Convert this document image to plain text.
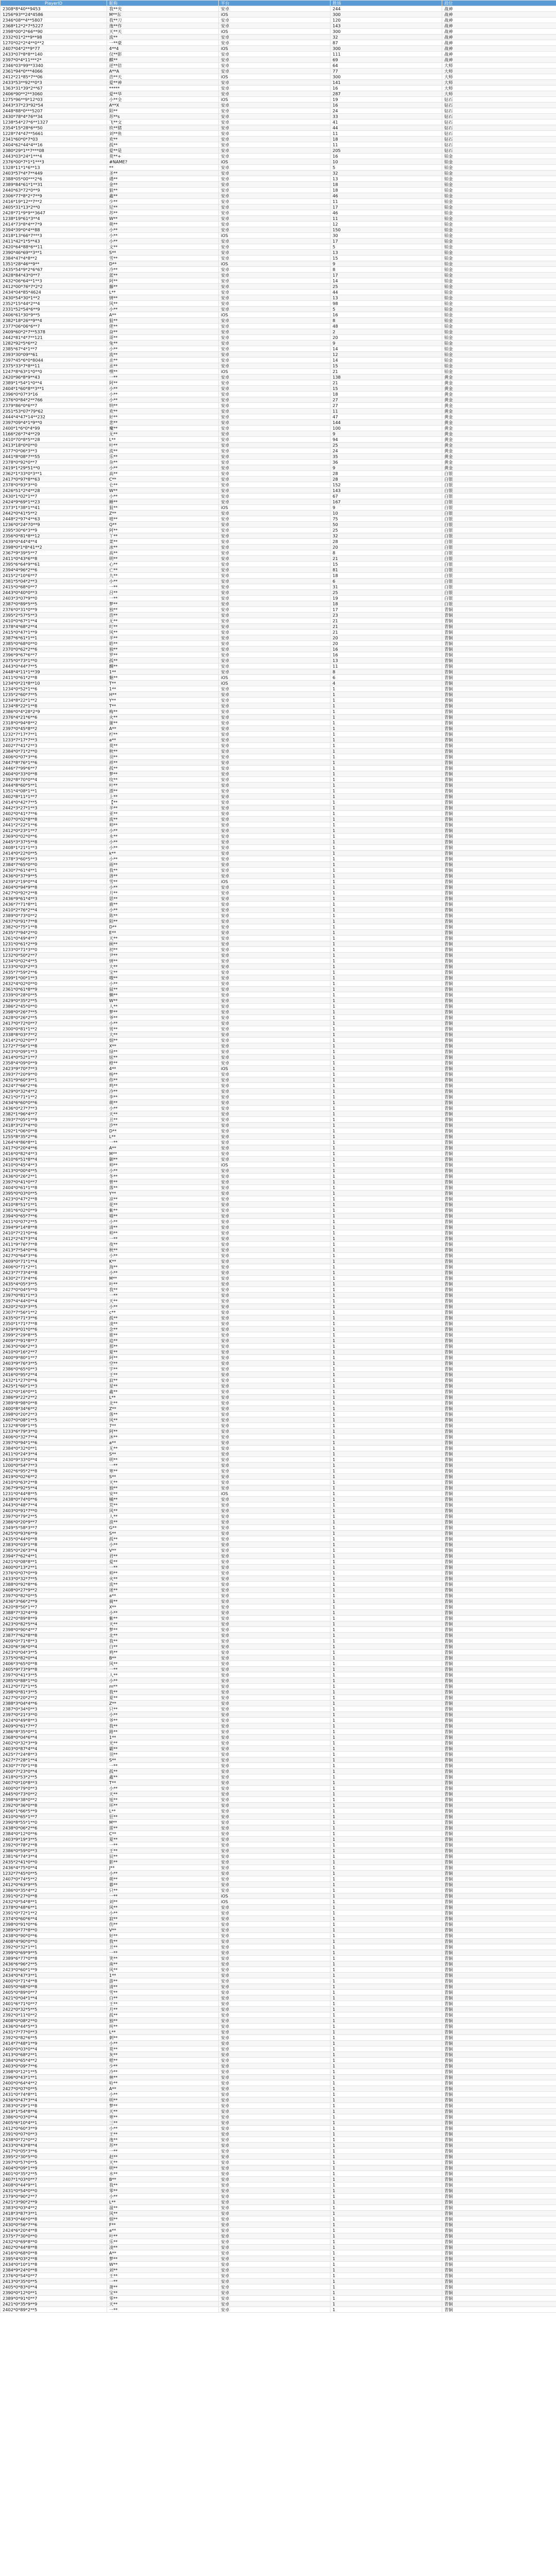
PlayerID	昵称	平台	胜场	段位	
2308*8*40**9453	我**光	安卓	244	战神	
1256*93**24*4586	M**东	iOS	300	战神	
2346*08**4**5807	我**刀	安卓	120	战神	
2368*12*2*7*5227	逸**作	安卓	143	战神	
2398*00*2*66**90	天**天	iOS	300	战神	
2332*01*2**9**98	流**	安卓	32	战神	
1270*02*2*4**0**2	一**豪	安卓	87	战神	
2407*04*2**9*77	4**4	iOS	300	战神	
2433*07*8*8**140	仅**影	安卓	111	战神	
2397*0*4*11***2*	麒**	安卓	69	战神	
2346*03*99**3340	逆**倍	安卓	64	大师	
2361*94*0***4066	A**A	安卓	77	大师	
2412*21*85*7**06	浩**天	iOS	300	大师	
2433*53**92**0*3	爱**神	安卓	141	大师	
1363*31*39*2**67	*****	安卓	16	大师	
2406*90**2**3060	爱**华	安卓	287	大师	
1275*96**9*12*03	小**全	iOS	19	钻石	
2443*37*23*92*54	A**X	安卓	16	钻石	
2448*88*0***5207	陌**	安卓	24	钻石	
2430*78*4*76**34	苏**s	安卓	33	钻石	
1238*54*27*6**1327	飞**文	安卓	41	钻石	
2354*15*28*6**50	玖**猪	安卓	44	钻石	
1228*74*47**5661	刘**鱼	安卓	11	钻石	
2341*60*0*7*03	欢**	安卓	18	钻石	
2404*62*44*4**16	孤**	安卓	11	钻石	
2380*29*1**7***08	爱**是	安卓	205	钻石	
2443*03*24*1***4	莫**+	安卓	16	铂金	
2376*00*7*1*1***3	#NAME?	iOS	10	铂金	
1328*11*1*6**13	**	安卓	5	铂金	
2403*57*4*7**449	圣**	安卓	32	铂金	
2388*05*00***2*6	遇**	安卓	13	铂金	
2389*84*61*1**31	金**	安卓	18	铂金	
2440*63*72*0**9	狼**	安卓	18	铂金	
2306*77*8*2*7**9	鑫**	安卓	46	铂金	
2416*19*12**7**2	少**	安卓	11	铂金	
2405*31*13*2**0	尼**	安卓	17	铂金	
2428*71*9*9**3647	苏**	安卓	46	铂金	
1238*19*61*3**4	W**	安卓	11	铂金	
2414*73*8*4**7*9	萌**	安卓	12	铂金	
2394*39*0*4**88	小**	安卓	150	铂金	
2418*13*66*7***3	小**	iOS	30	铂金	
2411*42*1*5**43	小**	安卓	17	铂金	
2420*64*88*6**11	文**	安卓	5	铂金	
2390*46*69**3**1	S**	安卓	13	铂金	
2384*47*4*8**2	雪**	安卓	15	铂金	
1351*28*46**9**	D**	iOS	9	铂金	
2435*54*9*2*6*67	冷**	安卓	8	铂金	
2428*84*43*0**7	蓝**	安卓	17	铂金	
2432*06*64**1**3	阿**	安卓	14	铂金	
2412*00*76*7*2*2	藤**	安卓	25	铂金	
2434*04*85*4624	L**	安卓	44	铂金	
2430*54*30*1**2	情**	安卓	13	铂金	
2352*15*44*2**4	风**	安卓	98	铂金	
2331*52*54*6**9	小**	安卓	5	铂金	
2406*61*30*9**5	A**	iOS	16	铂金	
2382*18*26**9**4	狙**	安卓	8	铂金	
2377*06*06*6**7	佬**	安卓	48	铂金	
2409*60*2*7**5378	奋**	安卓	2	铂金	
2442*81*4*7**121	哥**	安卓	20	铂金	
1282*92*5*6**2	兔**	安卓	9	铂金	
2385*67*4*1**7	小**	安卓	14	铂金	
2393*30*09**61	流**	安卓	12	铂金	
2397*45*6*0*8044	丞**	安卓	14	铂金	
2375*33*7*8**11	丞**	安卓	15	铂金	
1247*8*63*1*0**0	嘿**	iOS	21	铂金	
2420*96*8*9**43	一**	安卓	138	黄金	
2389*1*54*1*0**4	阿**	安卓	21	黄金	
2404*1*60*8**3**1	小**	安卓	15	黄金	
2396*0*07*3*16	小**	安卓	18	黄金	
2376*0*84*2**766	小**	安卓	27	黄金	
2379*86*0*6**7	纳**	安卓	27	黄金	
2351*53*07*79*62	欢**	安卓	11	黄金	
2444*4*47*14**232	好**	安卓	47	黄金	
2397*09*4*1*9**0	悲**	安卓	144	黄金	
2400*1*6*0*4*99	魔**	安卓	100	黄金	
1166*26*7*4**29	无**	安卓	9	黄金	
2410*70*8*5**28	L**	安卓	94	黄金	
2413*18*0*0**0	叶**	安卓	25	黄金	
2377*0*06*3**3	流**	安卓	24	黄金	
2441*8*08*7**55	乐**	安卓	35	黄金	
2378*0*92*0**7	杂**	安卓	36	黄金	
2419*1*29*51**0	小**	安卓	9	黄金	
2362*1*33*0*3**1	高**	安卓	28	白银	
2417*0*97*8**63	C**	安卓	28	白银	
2378*0*93*3**0	仑**	安卓	152	白银	
2426*51*2*4**28	W**	安卓	143	白银	
2430*1*02*1**7	小**	安卓	67	白银	
2424*9*69*1**23	睡**	安卓	167	白银	
2373*1*38*1**41	狙**	iOS	9	白银	
2442*0*41*5**2	Z**	安卓	10	白银	
2448*2*97*4**63	嘻**	安卓	75	白银	
1236*0*24*70**9	Q**	安卓	50	白银	
2395*30*6*3**9	阿**	安卓	25	白银	
2356*0*81*8**12	丫**	安卓	32	白银	
2439*0*44*4**4	菜**	安卓	28	白银	
2398*0*1*8*41**2	冰**	安卓	20	白银	
2367*9*39*5**7	高**	安卓	8	白银	
2411*0*43*6**8	明**	安卓	21	白银	
2395*6*64*9**61	心**	安卓	15	白银	
2394*4*96*2**6	亡**	安卓	81	白银	
2415*2*10*6**7	九**	安卓	18	白银	
2381*5*04*2**3	小**	安卓	6	白银	
2415*0*68*0**7	一**	安卓	31	白银	
2443*0*40*0**3	吕**	安卓	25	白银	
2403*3*07*9**0	一**	安卓	19	白银	
2387*0*89*5**5	梦**	安卓	18	白银	
2376*0*31*0**9	独**	安卓	17	青铜	
2395*2*57*5**3	浩**	安卓	23	青铜	
2410*0*67*1**4	无**	安卓	21	青铜	
2378*4*68*2**4	叮**	安卓	21	青铜	
2415*0*47*1**9	风**	安卓	21	青铜	
2387*6*61*1**1	半**	安卓	20	青铜	
2385*0*68*0**0	皓**	安卓	20	青铜	
2370*0*62*2**6	独**	安卓	16	青铜	
2396*9*67*6**7	罗**	安卓	16	青铜	
2375*0*73*1**0	孤**	安卓	13	青铜	
2443*0*44*7**5	麟**	安卓	11	青铜	
2448*4*11*1**39	1**	安卓	8	青铜	
2411*0*61*2**8	魅**	iOS	6	青铜	
1234*0*21*8**10	T**	iOS	4	青铜	
1234*0*52*1**6	1**	安卓	1	青铜	
1235*2*60*7**5	H**	安卓	1	青铜	
1234*8*22*1**2	Y**	安卓	1	青铜	
1234*8*22*1**8	T**	安卓	1	青铜	
2386*0*4*28*2*9	梅**	安卓	1	青铜	
2376*4*21*6**6	火**	安卓	1	青铜	
2318*0*94*8**2	谢**	安卓	1	青铜	
2397*0*45*8**2	A**	安卓	1	青铜	
1232*7*17*7**1	柠**	安卓	1	青铜	
1233*7*17*7**3	a**	安卓	1	青铜	
2402*7*41*2**3	莫**	安卓	1	青铜	
2384*0*71*2**0	秋**	安卓	1	青铜	
2406*0*07*3**6	羽**	安卓	1	青铜	
2447*8*76*1**6	祥**	安卓	1	青铜	
2446*7*99*6**7	孤**	安卓	1	青铜	
2404*0*33*0**8	梦**	安卓	1	青铜	
2392*8*70*0**4	玫**	安卓	1	青铜	
2444*8*60*5**1	叶**	安卓	1	青铜	
1351*4*08*1**1	漂**	安卓	1	青铜	
2402*8*11*1**7	上**	安卓	1	青铜	
2414*0*42*7**5	【**	安卓	1	青铜	
2442*3*27*1**3	半**	安卓	1	青铜	
2402*0*41*7**6	亚**	安卓	1	青铜	
2407*0*02*8**8	流**	安卓	1	青铜	
2441*2*22*1**6	帅**	安卓	1	青铜	
2412*0*23*1**7	小**	安卓	1	青铜	
2369*0*02*0**6	永**	安卓	1	青铜	
2445*3*37*5**8	小**	安卓	1	青铜	
2408*1*21*1**3	小**	安卓	1	青铜	
2414*0*22*0**5	k**	安卓	1	青铜	
2378*3*60*5**3	小**	安卓	1	青铜	
2384*7*65*0**0	雨**	安卓	1	青铜	
2430*7*61*4**1	我**	安卓	1	青铜	
2436*0*37*9**5	洛**	安卓	1	青铜	
2439*2*19*0**4	雪**	iOS	1	青铜	
2404*0*94*9**8	小**	安卓	1	青铜	
2427*0*92*2**8	月**	安卓	1	青铜	
2436*9*61*4**3	思**	安卓	1	青铜	
2436*7*71*8**1	鹿**	安卓	1	青铜	
2410*2*76*2**4	小**	安卓	1	青铜	
2389*0*73*0**2	陈**	安卓	1	青铜	
2437*0*91*7**8	陌**	安卓	1	青铜	
2382*0*75*1**8	D**	安卓	1	青铜	
2435*7*94*2**0	E**	安卓	1	青铜	
1261*0*49*4**7	天**	安卓	1	青铜	
1231*0*61*2**9	顾**	安卓	1	青铜	
1233*0*71*3**0	初**	安卓	1	青铜	
1232*0*50*2**7	尹**	安卓	1	青铜	
1234*0*02*4**5	情**	安卓	1	青铜	
1233*0*03*2**3	大**	安卓	1	青铜	
2435*7*59*2**6	宝**	安卓	1	青铜	
2399*1*00*1**3	哦**	安卓	1	青铜	
2432*4*02*0**0	小**	安卓	1	青铜	
2361*0*61*8**9	鼠**	安卓	1	青铜	
2339*0*28*0**5	懒**	安卓	1	青铜	
2429*0*35*2**5	W**	安卓	1	青铜	
2386*2*45*0**0	人**	安卓	1	青铜	
2398*0*26*7**5	梦**	安卓	1	青铜	
2428*0*26*2**5	爷**	安卓	1	青铜	
2417*0*72*0**7	小**	安卓	1	青铜	
2300*0*81*1**2	男**	安卓	1	青铜	
2338*8*03*7**2	大**	安卓	1	青铜	
2414*2*02*0**7	烟**	安卓	1	青铜	
1272*7*56*1**8	X**	安卓	1	青铜	
2423*0*09*1**3	绿**	安卓	1	青铜	
2414*0*52*1**7	炫**	安卓	1	青铜	
2358*4*09*0**9	橙**	安卓	1	青铜	
2423*9*70*7**3	4**	iOS	1	青铜	
2393*7*20*9**0	杨**	安卓	1	青铜	
2431*9*60*3**1	你**	安卓	1	青铜	
2424*7*66*2**6	鸣**	安卓	1	青铜	
2429*0*32*4**2	冷**	安卓	1	青铜	
2421*0*71*1**2	李**	安卓	1	青铜	
2434*6*60*0**6	萌**	安卓	1	青铜	
2436*0*27*7**3	小**	安卓	1	青铜	
2382*1*96*4**7	天**	安卓	1	青铜	
2393*7*05*1**9	丑**	安卓	1	青铜	
2418*3*27*4**0	汐**	安卓	1	青铜	
1292*1*06*0**8	D**	安卓	1	青铜	
1255*8*35*2**6	L**	安卓	1	青铜	
1264*4*86*8**1	一**	安卓	1	青铜	
2417*0*20*4**6	A**	安卓	1	青铜	
2416*0*82*4**3	M**	安卓	1	青铜	
2410*6*51*8**4	御**	安卓	1	青铜	
2410*0*45*4**3	帅**	iOS	1	青铜	
2413*0*00*4**5	小**	安卓	1	青铜	
2436*0*26*2**1	冬**	安卓	1	青铜	
2397*0*41*0**7	曾**	安卓	1	青铜	
2404*0*61*1**8	落**	安卓	1	青铜	
2395*0*03*0**5	Y**	安卓	1	青铜	
2423*0*47*2**8	凉**	安卓	1	青铜	
2410*8*51*1**1	花**	安卓	1	青铜	
2381*6*02*0**9	紫**	安卓	1	青铜	
2394*0*65*7**6	喵**	安卓	1	青铜	
2411*0*07*2**5	小**	安卓	1	青铜	
2394*9*14*8**8	清**	安卓	1	青铜	
2410*7*21*0**6	帅**	安卓	1	青铜	
2412*2*47*3**4	一**	安卓	1	青铜	
2411*9*76*7**8	夜**	安卓	1	青铜	
2413*7*54*0**6	秋**	安卓	1	青铜	
2427*0*64*3**6	小**	安卓	1	青铜	
2409*0*71*1**4	K**	安卓	1	青铜	
2406*0*71*2**1	海**	安卓	1	青铜	
2423*7*73*4**8	小**	安卓	1	青铜	
2430*2*73*4**6	M**	安卓	1	青铜	
2435*4*05*3**5	叶**	安卓	1	青铜	
2427*0*04*5**0	我**	安卓	1	青铜	
2397*0*81*1**3	一**	安卓	1	青铜	
2397*4*44*0**4	天**	安卓	1	青铜	
2420*2*03*3**5	小**	安卓	1	青铜	
2307*7*56*1**2	c**	安卓	1	青铜	
2435*0*71*3**6	孤**	安卓	1	青铜	
2350*1*71*7**8	凌**	安卓	1	青铜	
2429*9*01*0**6	念**	安卓	1	青铜	
2399*2*29*8**5	谁**	安卓	1	青铜	
2409*7*91*8**7	追**	安卓	1	青铜	
2363*0*06*2**3	那**	安卓	1	青铜	
2410*0*16*2**7	夏**	安卓	1	青铜	
2400*9*80*1**7	阿**	安卓	1	青铜	
2403*9*76*3**5	空**	安卓	1	青铜	
2386*0*65*0**3	宇**	安卓	1	青铜	
2416*0*95*2**4	王**	安卓	1	青铜	
2432*1*27*0**6	寂**	安卓	1	青铜	
2425*1*60*1**3	星**	安卓	1	青铜	
2432*0*16*0**1	鑫**	安卓	1	青铜	
2386*9*22*2**2	L**	安卓	1	青铜	
2389*8*98*0**8	北**	安卓	1	青铜	
2400*8*34*6**2	Z**	安卓	1	青铜	
2398*0*20*2**3	落**	安卓	1	青铜	
2407*0*08*1**5	风**	安卓	1	青铜	
1232*8*09*1**5	7**	安卓	1	青铜	
1233*6*79*3**0	阿**	安卓	1	青铜	
2406*0*32*7**4	沐**	安卓	1	青铜	
2397*0*94*1**6	a**	安卓	1	青铜	
2384*0*32*0**1	无**	安卓	1	青铜	
2411*0*24*3**4	S**	安卓	1	青铜	
2430*9*33*0**4	明**	安卓	1	青铜	
1200*0*54*7**3	一**	安卓	1	青铜	
2402*6*95*2**8	寒**	安卓	1	青铜	
2419*0*02*6**2	S**	安卓	1	青铜	
2410*0*63*2**8	天**	安卓	1	青铜	
2367*9*92*5**4	独**	安卓	1	青铜	
1231*0*44*8**5	安**	iOS	1	青铜	
2438*0*74*0**6	橘**	安卓	1	青铜	
2443*0*48*7**4	荒**	安卓	1	青铜	
2403*0*91*7**0	风**	安卓	1	青铜	
2397*0*79*2**5	人**	安卓	1	青铜	
2386*0*20*9**7	浪**	安卓	1	青铜	
2349*5*58*3**7	G**	安卓	1	青铜	
2425*0*93*6**9	S**	安卓	1	青铜	
2435*0*44*0**8	孤**	安卓	1	青铜	
2383*0*03*1**8	小**	安卓	1	青铜	
2385*0*26*3**4	V**	安卓	1	青铜	
2394*7*62*4**1	君**	安卓	1	青铜	
2421*0*08*8**1	爱**	安卓	1	青铜	
2400*0*13*2**1	一**	安卓	1	青铜	
2376*0*07*0**9	帅**	安卓	1	青铜	
2433*0*32*7**5	火**	安卓	1	青铜	
2388*0*92*8**6	流**	安卓	1	青铜	
2408*0*27*9**2	迷**	安卓	1	青铜	
2397*0*82*0**5	a**	安卓	1	青铜	
2436*3*66*2**9	骑**	安卓	1	青铜	
2420*8*50*1**7	X**	安卓	1	青铜	
2388*7*32*4**9	小**	安卓	1	青铜	
2422*0*89*8**9	紫**	安卓	1	青铜	
2423*0*82*5**4	天**	安卓	1	青铜	
2398*0*90*4**7	梦**	安卓	1	青铜	
2387*7*62*8**8	北**	安卓	1	青铜	
2409*0*71*8**3	我**	安卓	1	青铜	
2420*6*36*0**4	白**	安卓	1	青铜	
2423*0*04*3**5	鸡**	安卓	1	青铜	
2375*0*82*0**4	B**	安卓	1	青铜	
2406*3*65*0**8	风**	安卓	1	青铜	
2405*9*73*9**8	一**	安卓	1	青铜	
2397*0*41*3**5	人**	安卓	1	青铜	
2385*0*88*1**0	小**	安卓	1	青铜	
2412*0*72*1**5	m**	安卓	1	青铜	
2398*0*81*3**5	我**	安卓	1	青铜	
2427*0*20*2**2	夏**	安卓	1	青铜	
2388*3*04*4**6	Z**	安卓	1	青铜	
2387*0*34*0**3	只**	安卓	1	青铜	
2397*0*21*3**0	小**	安卓	1	青铜	
2424*0*49*8**3	爷**	安卓	1	青铜	
2409*0*61*7**7	我**	安卓	1	青铜	
2386*8*35*0**1	路**	安卓	1	青铜	
2368*0*04*6**4	1**	安卓	1	青铜	
2402*0*32*3**9	光**	安卓	1	青铜	
2403*0*87*4**4	霸**	安卓	1	青铜	
2425*7*24*8**3	羽**	安卓	1	青铜	
2427*7*28*1**4	S**	安卓	1	青铜	
2430*7*70*1**8	一**	安卓	1	青铜	
2400*7*23*0**4	孤**	安卓	1	青铜	
2418*0*53*2**5	鑫**	安卓	1	青铜	
2407*0*10*8**3	T**	安卓	1	青铜	
2400*0*79*0**3	小**	安卓	1	青铜	
2445*0*73*0**2	天**	安卓	1	青铜	
2398*6*38*0**2	旭**	安卓	1	青铜	
2392*0*36*0**8	坏**	安卓	1	青铜	
2406*1*66*5**9	L**	安卓	1	青铜	
2410*0*65*1**7	狂**	安卓	1	青铜	
2390*8*55*1**0	M**	安卓	1	青铜	
2438*0*06*2**6	雷**	安卓	1	青铜	
2384*0*12*0**6	C**	安卓	1	青铜	
2403*9*19*3**5	夏**	安卓	1	青铜	
2392*0*78*2**8	一**	安卓	1	青铜	
2386*0*59*0**3	王**	安卓	1	青铜	
2381*6*74*3**4	辰**	安卓	1	青铜	
2435*2*41*0**0	影**	安卓	1	青铜	
2436*4*75*0**4	J**	安卓	1	青铜	
1232*7*45*0**5	小**	安卓	1	青铜	
2407*0*74*5**2	萌**	安卓	1	青铜	
2412*0*63*9**5	暮**	安卓	1	青铜	
2386*0*35*4**2	只**	安卓	1	青铜	
2391*0*27*0**8	一**	iOS	1	青铜	
2432*0*54*8**1	刘**	iOS	1	青铜	
2378*0*48*6**1	风**	安卓	1	青铜	
2391*0*72*1**2	小**	安卓	1	青铜	
2374*0*60*6**4	寂**	安卓	1	青铜	
2398*0*91*0**6	伤**	安卓	1	青铜	
2389*0*77*8**0	V**	安卓	1	青铜	
2438*0*90*0**6	好**	安卓	1	青铜	
2408*4*90*0**0	我**	安卓	1	青铜	
2392*0*32*1**1	丑**	安卓	1	青铜	
2399*0*69*9**5	一**	安卓	1	青铜	
2389*6*77*0**8	笑**	安卓	1	青铜	
2436*6*96*2**5	南**	安卓	1	青铜	
2423*0*60*1**9	风**	安卓	1	青铜	
2434*0*47*3**1	1**	安卓	1	青铜	
2400*0*71*4**8	游**	安卓	1	青铜	
2405*0*68*0**8	清**	安卓	1	青铜	
2405*0*89*0**7	雪**	安卓	1	青铜	
2421*0*04*1**4	白**	安卓	1	青铜	
2401*6*71*0**7	王**	安卓	1	青铜	
2422*0*32*5**5	月**	安卓	1	青铜	
2392*0*11*0**2	孤**	安卓	1	青铜	
2408*0*08*2**0	独**	安卓	1	青铜	
2436*0*44*5**3	叫**	安卓	1	青铜	
2431*7*77*0**3	L**	安卓	1	青铜	
2392*0*82*6**5	刺**	安卓	1	青铜	
2414*7*48*1**9	小**	安卓	1	青铜	
2400*0*03*0**4	莫**	安卓	1	青铜	
2413*0*68*2**1	灰**	安卓	1	青铜	
2384*0*65*4**2	嗯**	安卓	1	青铜	
2403*0*09*7**6	少**	安卓	1	青铜	
2398*0*12*1**5	冷**	安卓	1	青铜	
2396*0*43*1**1	林**	安卓	1	青铜	
2400*0*64*4**2	哈**	安卓	1	青铜	
2427*0*07*0**5	A**	安卓	1	青铜	
2431*0*74*8**1	小**	安卓	1	青铜	
2436*0*47*3**4	明**	安卓	1	青铜	
2383*0*29*1**8	梦**	安卓	1	青铜	
2419*1*54*8**6	天**	安卓	1	青铜	
2386*0*03*0**4	寒**	安卓	1	青铜	
2405*6*10*4**1	三**	安卓	1	青铜	
2412*0*60*3**9	小**	安卓	1	青铜	
2391*0*07*0**3	王**	安卓	1	青铜	
2438*0*72*0**2	逸**	安卓	1	青铜	
2433*0*43*8**4	苏**	安卓	1	青铜	
2417*0*05*3**6	一**	安卓	1	青铜	
2395*2*30*5**0	赵**	安卓	1	青铜	
2397*0*57*0**5	天**	安卓	1	青铜	
2404*0*09*1**9	明**	安卓	1	青铜	
2401*0*35*2**5	水**	安卓	1	青铜	
2407*1*03*0**7	B**	安卓	1	青铜	
2408*0*44*9**1	我**	安卓	1	青铜	
2431*0*54*0**0	零**	安卓	1	青铜	
2379*0*90*2**7	小**	安卓	1	青铜	
2421*3*90*2**9	L**	安卓	1	青铜	
2383*0*03*4**2	温**	安卓	1	青铜	
2418*3*87*3**1	风**	安卓	1	青铜	
2383*0*46*0**8	烟**	安卓	1	青铜	
2430*0*56*7**6	F**	安卓	1	青铜	
2424*6*20*4**8	a**	安卓	1	青铜	
2375*7*30*0**0	叶**	安卓	1	青铜	
2432*0*69*8**0	乐**	安卓	1	青铜	
2402*0*44*8**8	凌**	安卓	1	青铜	
2416*0*68*0**8	A**	安卓	1	青铜	
2395*4*03*2**8	梦**	安卓	1	青铜	
2434*0*10*1**8	W**	安卓	1	青铜	
2384*9*24*0**8	刘**	安卓	1	青铜	
2376*0*54*0**7	王**	安卓	1	青铜	
2413*0*35*0**5	一**	安卓	1	青铜	
2405*0*83*0**4	萧**	安卓	1	青铜	
2390*0*12*0**1	宝**	安卓	1	青铜	
2389*0*91*0**7	零**	安卓	1	青铜	
2421*0*35*9**9	天**	安卓	1	青铜	
2402*0*89*2**5	一**	安卓	1	青铜	
